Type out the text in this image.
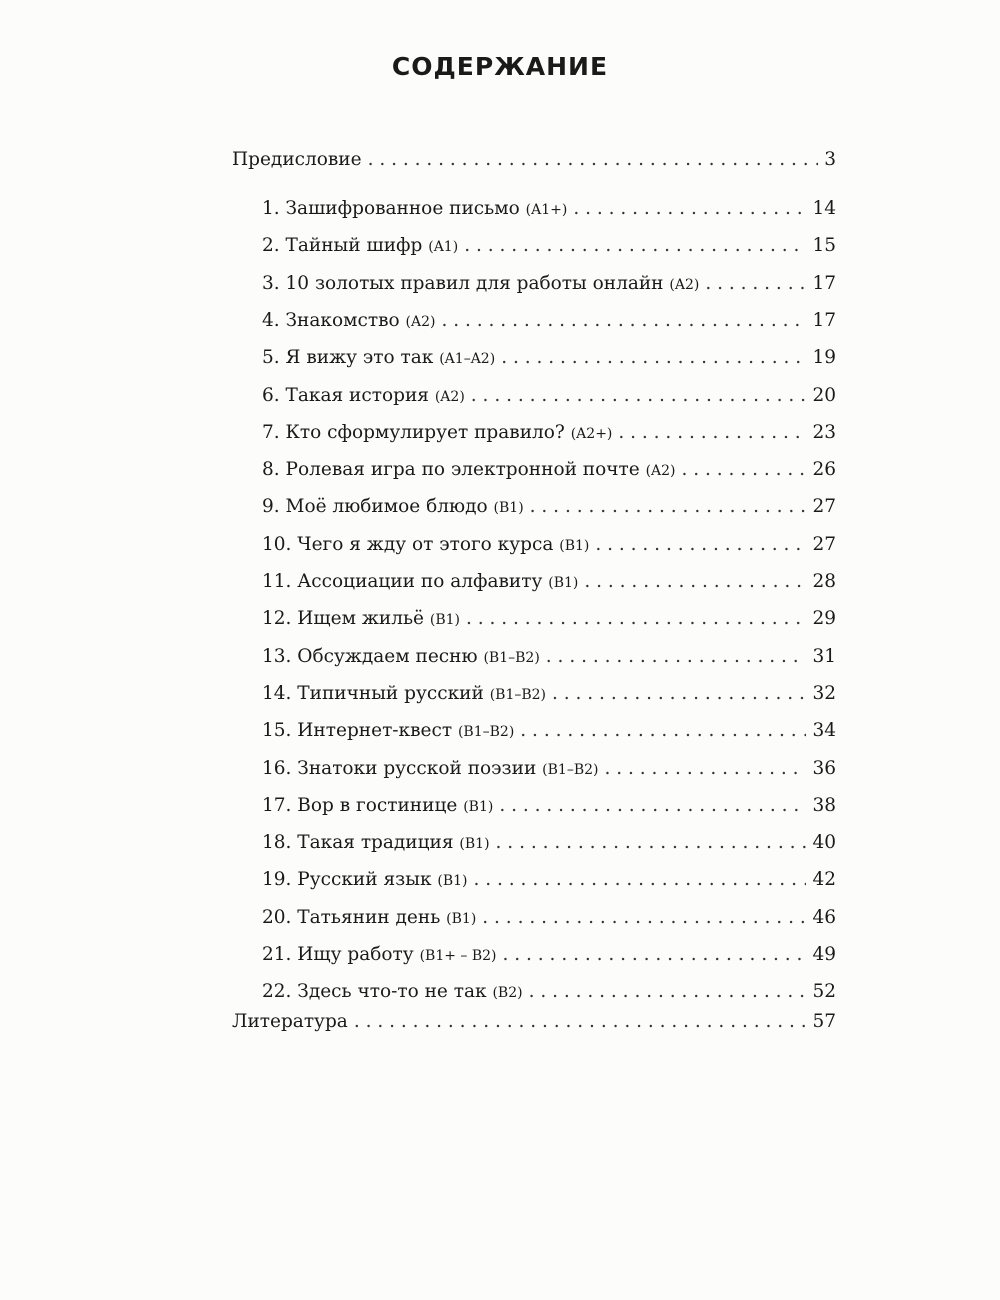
СОДЕРЖАНИЕ
Предисловие . . .	3
1. Зашифрованное письмо (A1+) . . .	14
2. Тайный шифр (A1) . . .	15
3. 10 золотых правил для работы онлайн (A2) . . .	17
4. Знакомство (A2) . . .	17
5. Я вижу это так (A1–A2) . . .	19
6. Такая история (A2) . . .	20
7. Кто сформулирует правило? (A2+) . . .	23
8. Ролевая игра по электронной почте (A2) . . .	26
9. Моё любимое блюдо (B1) . . .	27
10. Чего я жду от этого курса (B1) . . .	27
11. Ассоциации по алфавиту (B1) . . .	28
12. Ищем жильё (B1) . . .	29
13. Обсуждаем песню (B1–B2) . . .	31
14. Типичный русский (B1–B2) . . .	32
15. Интернет-квест (B1–B2) . . .	34
16. Знатоки русской поэзии (B1–B2) . . .	36
17. Вор в гостинице (B1) . . .	38
18. Такая традиция (B1) . . .	40
19. Русский язык (B1) . . .	42
20. Татьянин день (B1) . . .	46
21. Ищу работу (B1+ – B2) . . .	49
22. Здесь что-то не так (B2) . . .	52
Литература . . .	57
